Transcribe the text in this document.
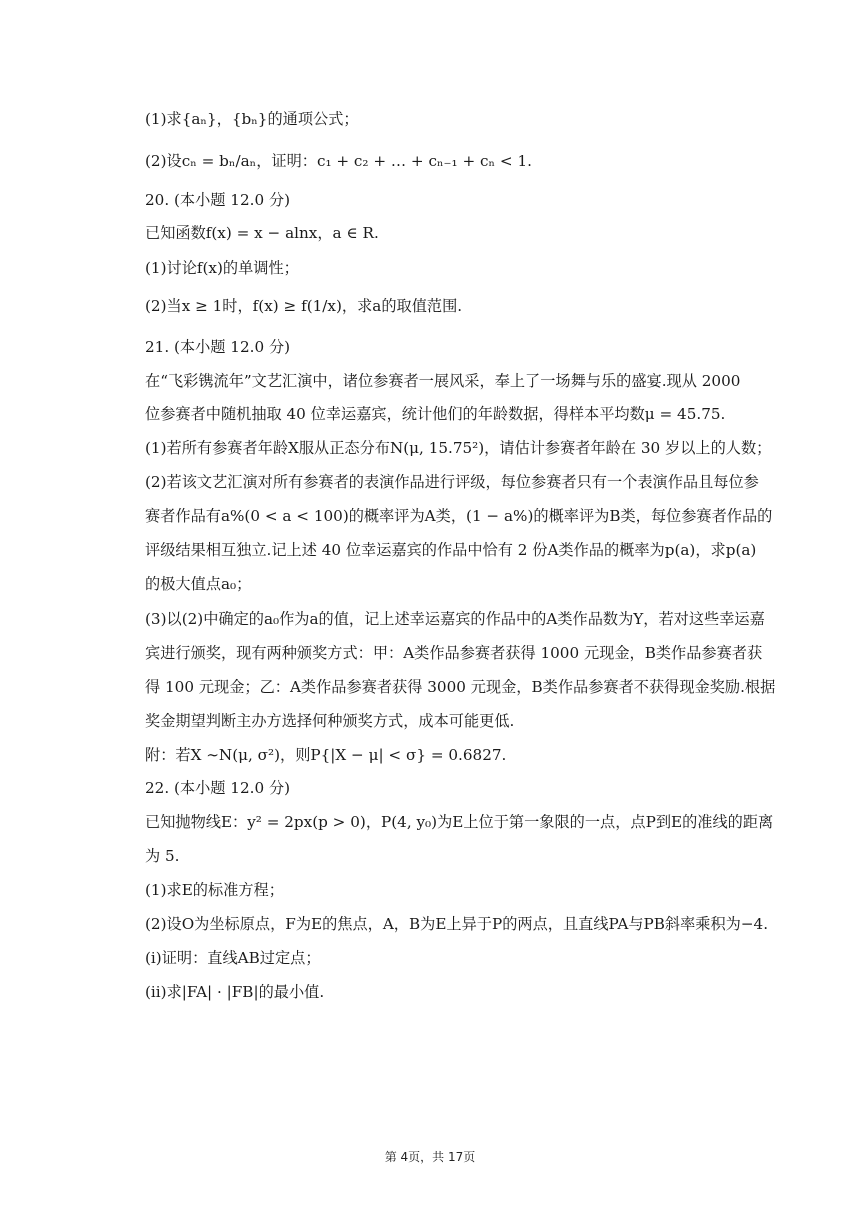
(1)求{aₙ}，{bₙ}的通项公式；
(2)设cₙ = bₙ/aₙ，证明：c₁ + c₂ + … + cₙ₋₁ + cₙ < 1.
20. (本小题 12.0 分)
已知函数f(x) = x − alnx，a ∈ R.
(1)讨论f(x)的单调性；
(2)当x ≥ 1时，f(x) ≥ f(1/x)，求a的取值范围.
21. (本小题 12.0 分)
在“飞彩镌流年”文艺汇演中，诸位参赛者一展风采，奉上了一场舞与乐的盛宴.现从 2000
位参赛者中随机抽取 40 位幸运嘉宾，统计他们的年龄数据，得样本平均数μ = 45.75.
(1)若所有参赛者年龄X服从正态分布N(μ, 15.75²)，请估计参赛者年龄在 30 岁以上的人数；
(2)若该文艺汇演对所有参赛者的表演作品进行评级，每位参赛者只有一个表演作品且每位参
赛者作品有a%(0 < a < 100)的概率评为A类，(1 − a%)的概率评为B类，每位参赛者作品的
评级结果相互独立.记上述 40 位幸运嘉宾的作品中恰有 2 份A类作品的概率为p(a)，求p(a)
的极大值点a₀；
(3)以(2)中确定的a₀作为a的值，记上述幸运嘉宾的作品中的A类作品数为Y，若对这些幸运嘉
宾进行颁奖，现有两种颁奖方式：甲：A类作品参赛者获得 1000 元现金，B类作品参赛者获
得 100 元现金；乙：A类作品参赛者获得 3000 元现金，B类作品参赛者不获得现金奖励.根据
奖金期望判断主办方选择何种颁奖方式，成本可能更低.
附：若X ∼N(μ, σ²)，则P{|X − μ| < σ} = 0.6827.
22. (本小题 12.0 分)
已知抛物线E：y² = 2px(p > 0)，P(4, y₀)为E上位于第一象限的一点，点P到E的准线的距离
为 5.
(1)求E的标准方程；
(2)设O为坐标原点，F为E的焦点，A，B为E上异于P的两点，且直线PA与PB斜率乘积为−4.
(i)证明：直线AB过定点；
(ii)求|FA| · |FB|的最小值.
第 4页，共 17页
